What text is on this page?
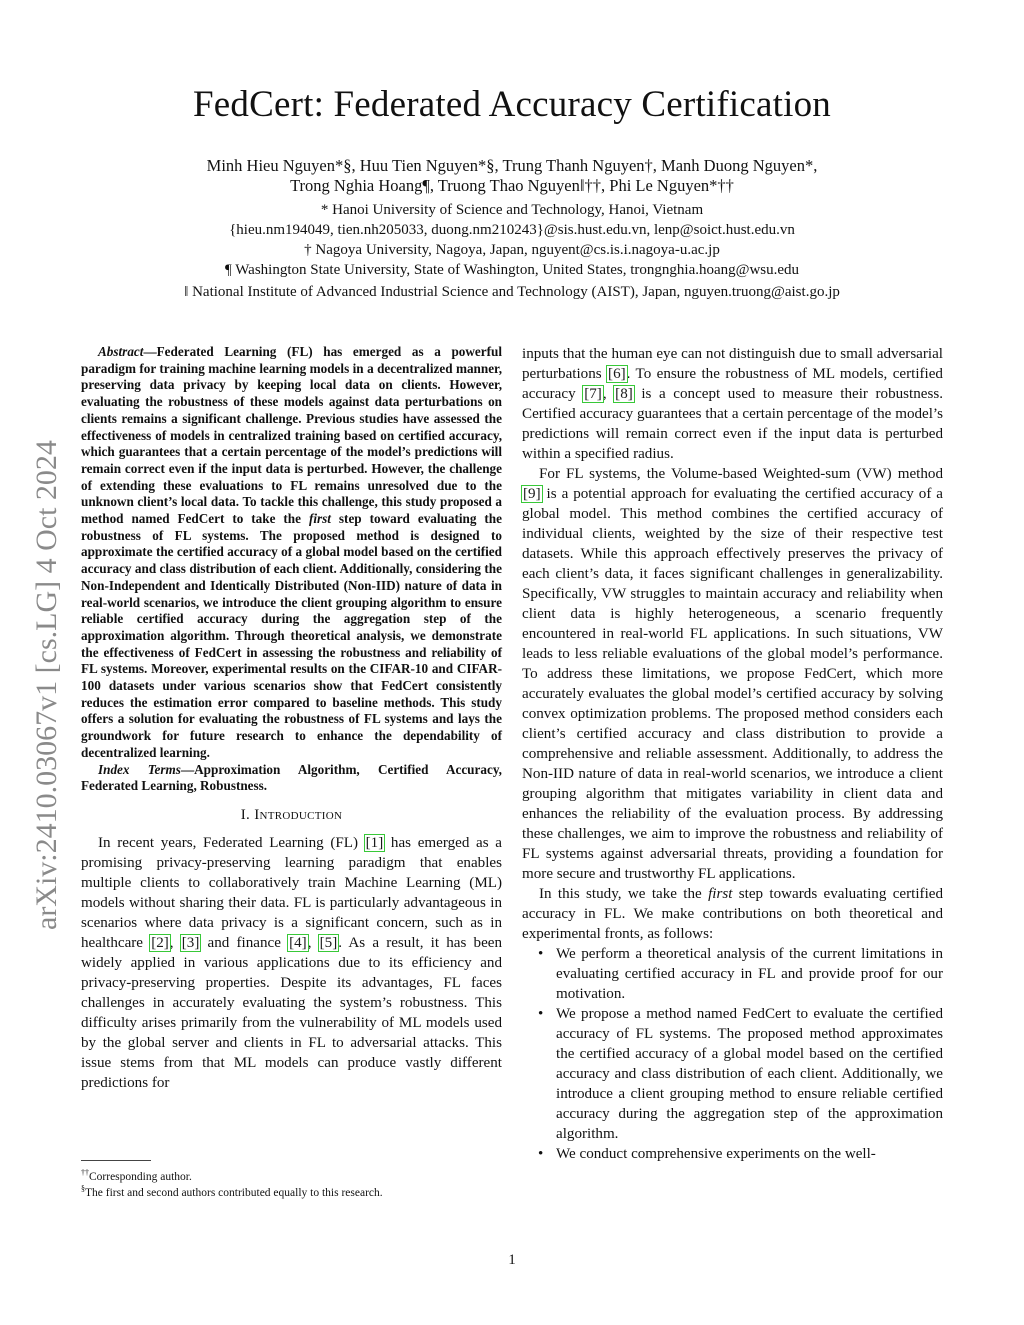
FedCert: Federated Accuracy Certification
Minh Hieu Nguyen*§, Huu Tien Nguyen*§, Trung Thanh Nguyen†, Manh Duong Nguyen*,
Trong Nghia Hoang¶, Truong Thao Nguyen‖††, Phi Le Nguyen*††
* Hanoi University of Science and Technology, Hanoi, Vietnam
{hieu.nm194049, tien.nh205033, duong.nm210243}@sis.hust.edu.vn, lenp@soict.hust.edu.vn
† Nagoya University, Nagoya, Japan, nguyent@cs.is.i.nagoya-u.ac.jp
¶ Washington State University, State of Washington, United States, trongnghia.hoang@wsu.edu
‖ National Institute of Advanced Industrial Science and Technology (AIST), Japan, nguyen.truong@aist.go.jp
arXiv:2410.03067v1 [cs.LG] 4 Oct 2024

Abstract—Federated Learning (FL) has emerged as a powerful paradigm for training machine learning models in a decentralized manner, preserving data privacy by keeping local data on clients. However, evaluating the robustness of these models against data perturbations on clients remains a significant challenge. Previous studies have assessed the effectiveness of models in centralized training based on certified accuracy, which guarantees that a certain percentage of the model’s predictions will remain correct even if the input data is perturbed. However, the challenge of extending these evaluations to FL remains unresolved due to the unknown client’s local data. To tackle this challenge, this study proposed a method named FedCert to take the first step toward evaluating the robustness of FL systems. The proposed method is designed to approximate the certified accuracy of a global model based on the certified accuracy and class distribution of each client. Additionally, considering the Non-Independent and Identically Distributed (Non-IID) nature of data in real-world scenarios, we introduce the client grouping algorithm to ensure reliable certified accuracy during the aggregation step of the approximation algorithm. Through theoretical analysis, we demonstrate the effectiveness of FedCert in assessing the robustness and reliability of FL systems. Moreover, experimental results on the CIFAR-10 and CIFAR-100 datasets under various scenarios show that FedCert consistently reduces the estimation error compared to baseline methods. This study offers a solution for evaluating the robustness of FL systems and lays the groundwork for future research to enhance the dependability of decentralized learning.

Index Terms—Approximation Algorithm, Certified Accuracy, Federated Learning, Robustness.

I. Introduction

In recent years, Federated Learning (FL) [1] has emerged as a promising privacy-preserving learning paradigm that enables multiple clients to collaboratively train Machine Learning (ML) models without sharing their data. FL is particularly advantageous in scenarios where data privacy is a significant concern, such as in healthcare [2], [3] and finance [4], [5]. As a result, it has been widely applied in various applications due to its efficiency and privacy-preserving properties. Despite its advantages, FL faces challenges in accurately evaluating the system’s robustness. This difficulty arises primarily from the vulnerability of ML models used by the global server and clients in FL to adversarial attacks. This issue stems from that ML models can produce vastly different predictions for

inputs that the human eye can not distinguish due to small adversarial perturbations [6]. To ensure the robustness of ML models, certified accuracy [7], [8] is a concept used to measure their robustness. Certified accuracy guarantees that a certain percentage of the model’s predictions will remain correct even if the input data is perturbed within a specified radius.

For FL systems, the Volume-based Weighted-sum (VW) method [9] is a potential approach for evaluating the certified accuracy of a global model. This method combines the certified accuracy of individual clients, weighted by the size of their respective test datasets. While this approach effectively preserves the privacy of each client’s data, it faces significant challenges in generalizability. Specifically, VW struggles to maintain accuracy and reliability when client data is highly heterogeneous, a scenario frequently encountered in real-world FL applications. In such situations, VW leads to less reliable evaluations of the global model’s performance. To address these limitations, we propose FedCert, which more accurately evaluates the global model’s certified accuracy by solving convex optimization problems. The proposed method considers each client’s certified accuracy and class distribution to provide a comprehensive and reliable assessment. Additionally, to address the Non-IID nature of data in real-world scenarios, we introduce a client grouping algorithm that mitigates variability in client data and enhances the reliability of the evaluation process. By addressing these challenges, we aim to improve the robustness and reliability of FL systems against adversarial threats, providing a foundation for more secure and trustworthy FL applications.

In this study, we take the first step towards evaluating certified accuracy in FL. We make contributions on both theoretical and experimental fronts, as follows:

• We perform a theoretical analysis of the current limitations in evaluating certified accuracy in FL and provide proof for our motivation.
• We propose a method named FedCert to evaluate the certified accuracy of FL systems. The proposed method approximates the certified accuracy of a global model based on the certified accuracy and class distribution of each client. Additionally, we introduce a client grouping method to ensure reliable certified accuracy during the aggregation step of the approximation algorithm.
• We conduct comprehensive experiments on the well-
††Corresponding author.
§The first and second authors contributed equally to this research.
1
